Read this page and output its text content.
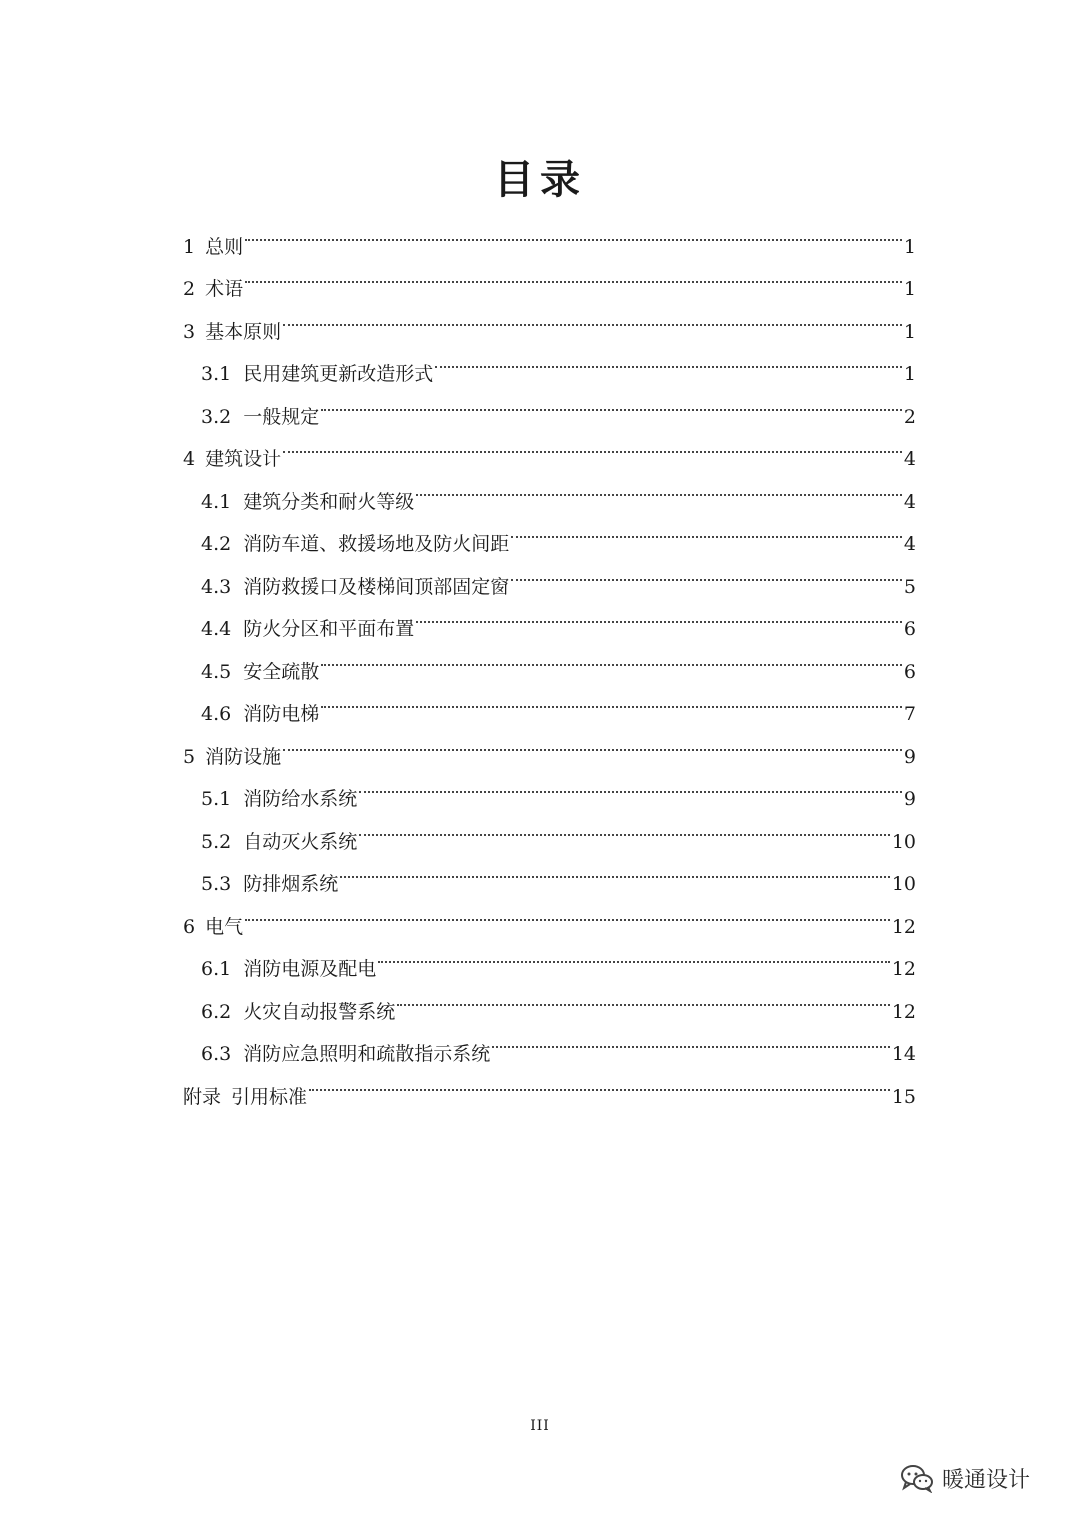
目录
1 总则	1
2 术语	1
3 基本原则	1
3.1 民用建筑更新改造形式	1
3.2 一般规定	2
4 建筑设计	4
4.1 建筑分类和耐火等级	4
4.2 消防车道、救援场地及防火间距	4
4.3 消防救援口及楼梯间顶部固定窗	5
4.4 防火分区和平面布置	6
4.5 安全疏散	6
4.6 消防电梯	7
5 消防设施	9
5.1 消防给水系统	9
5.2 自动灭火系统	10
5.3 防排烟系统	10
6 电气	12
6.1 消防电源及配电	12
6.2 火灾自动报警系统	12
6.3 消防应急照明和疏散指示系统	14
附录 引用标准	15
III
暖通设计
